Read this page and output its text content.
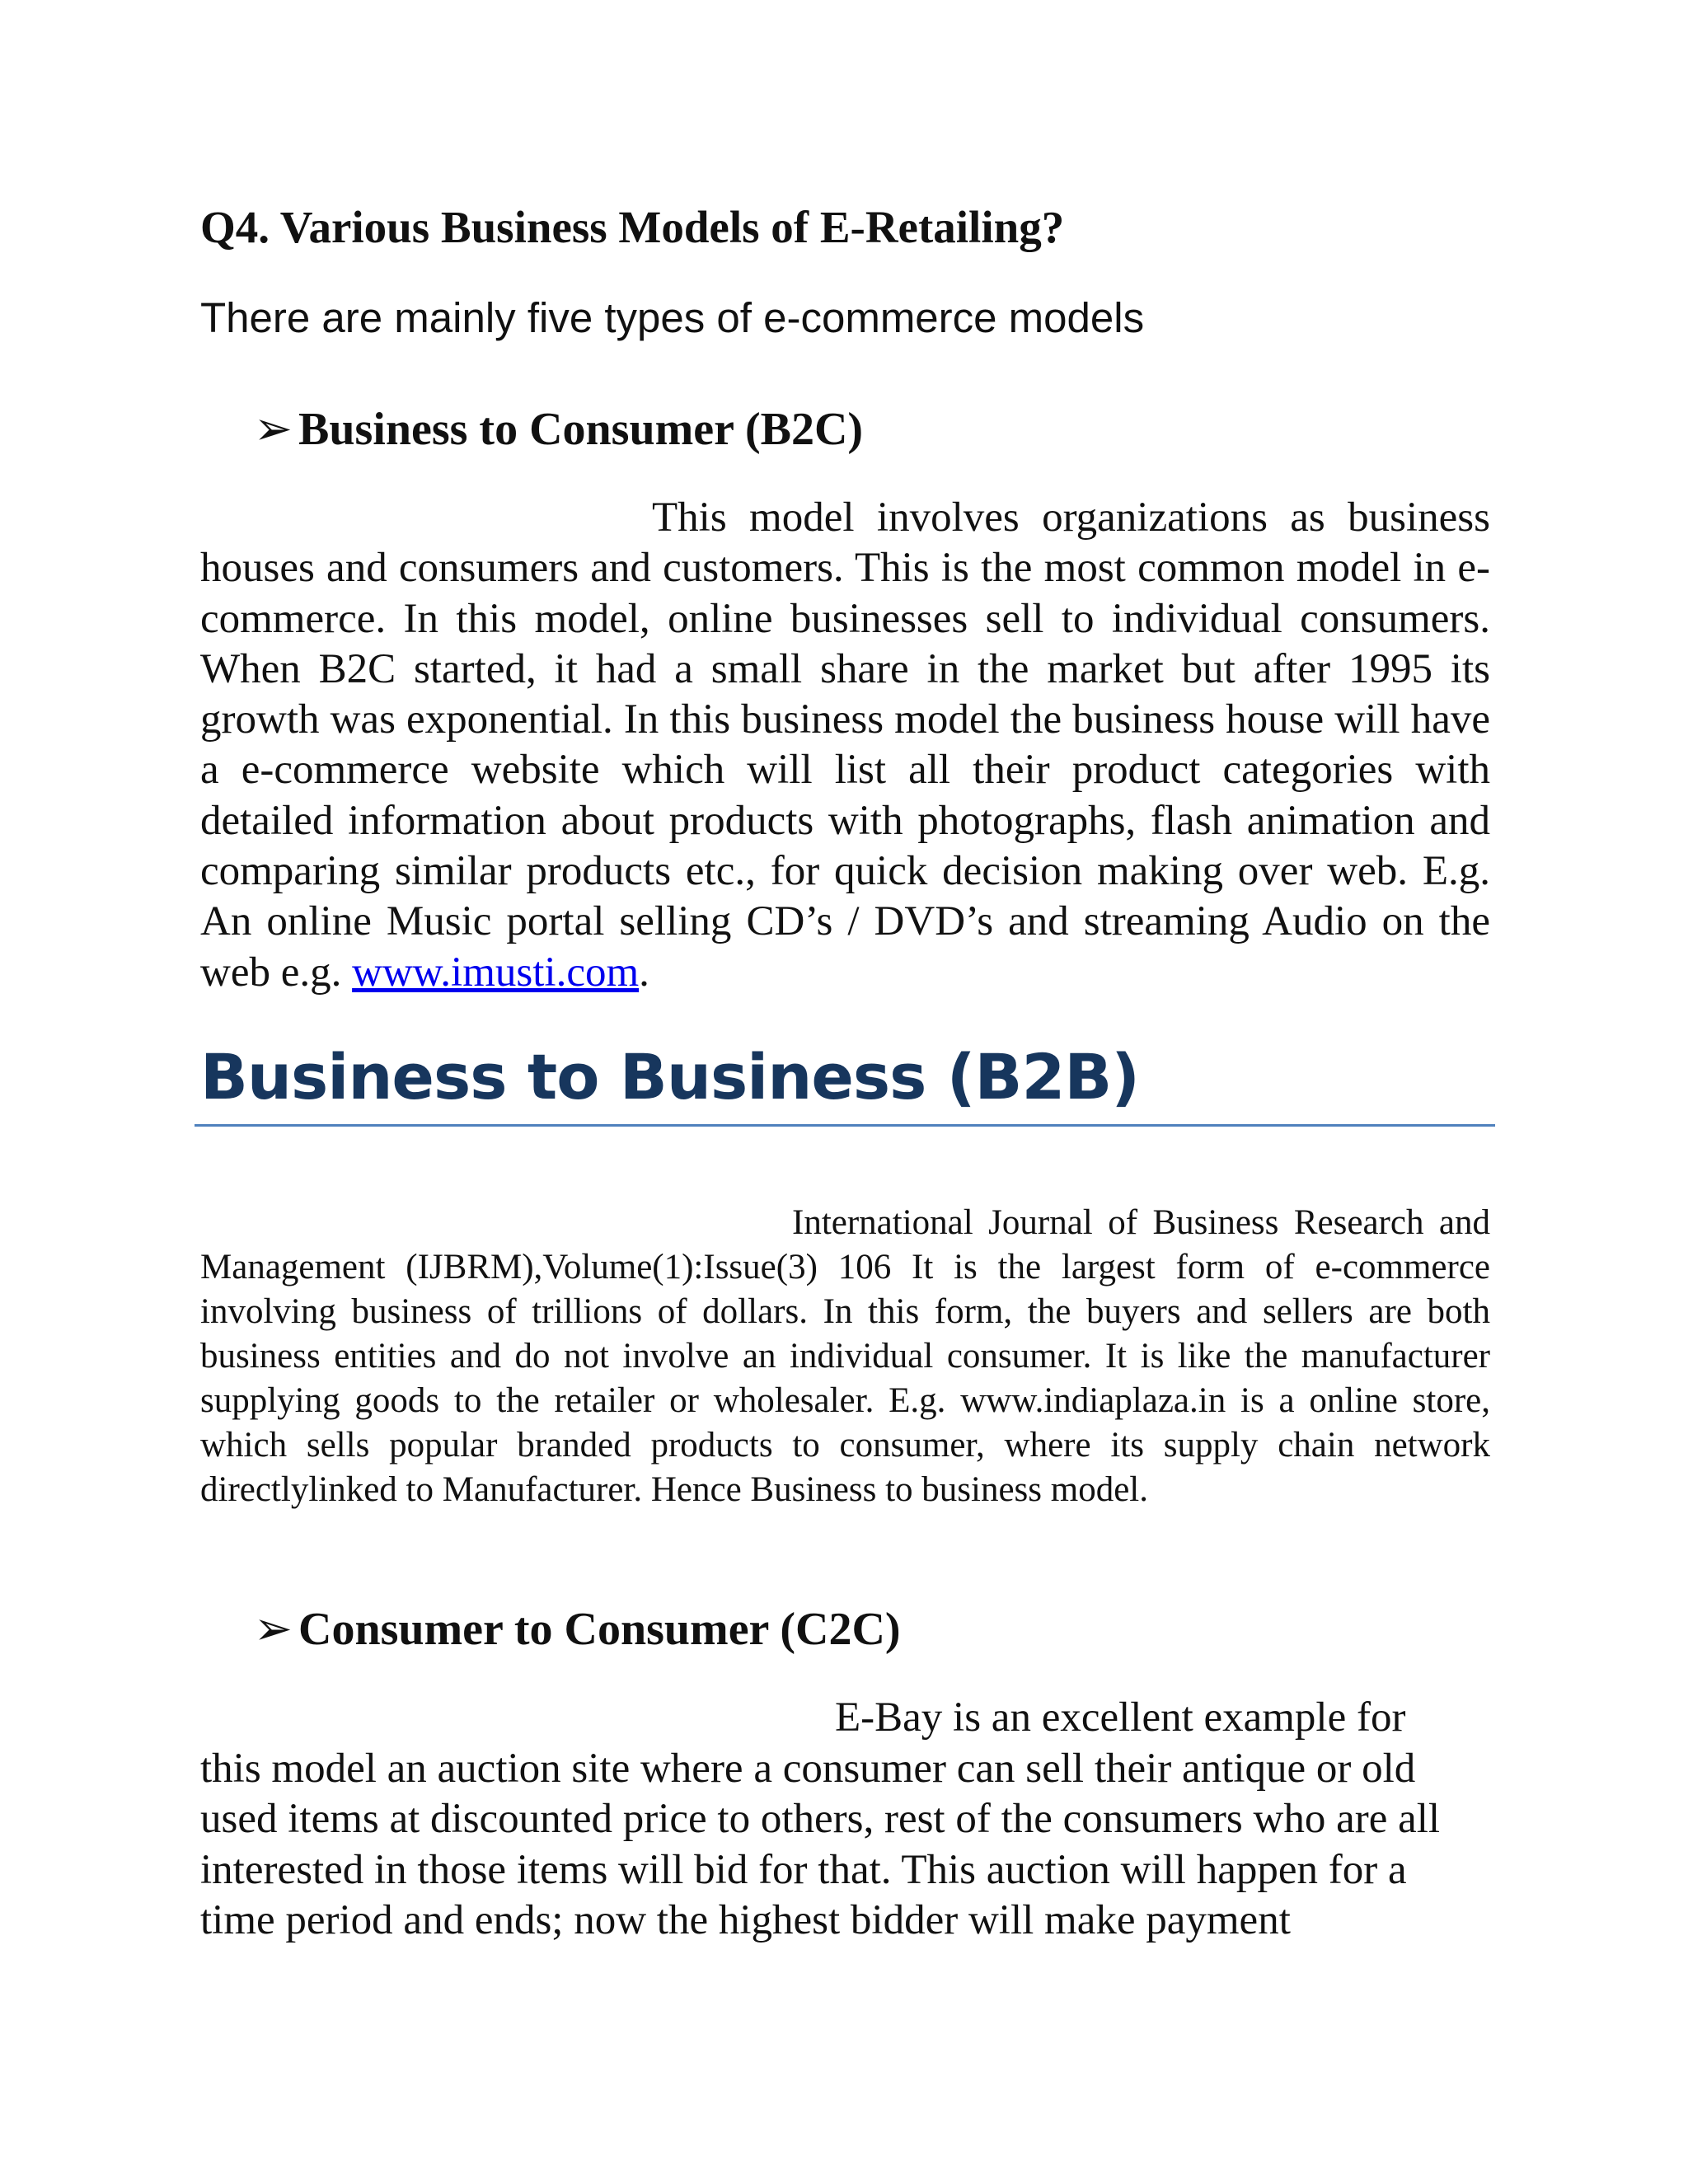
Q4. Various Business Models of E-Retailing?

There are mainly five types of e-commerce models

➢ Business to Consumer (B2C)

This model involves organizations as business houses and consumers and customers. This is the most common model in e-commerce. In this model, online businesses sell to individual consumers. When B2C started, it had a small share in the market but after 1995 its growth was exponential. In this business model the business house will have a e-commerce website which will list all their product categories with detailed information about products with photographs, flash animation and comparing similar products etc., for quick decision making over web. E.g. An online Music portal selling CD’s / DVD’s and streaming Audio on the web e.g. www.imusti.com.

Business to Business (B2B)

International Journal of Business Research and Management (IJBRM),Volume(1):Issue(3) 106 It is the largest form of e-commerce involving business of trillions of dollars. In this form, the buyers and sellers are both business entities and do not involve an individual consumer. It is like the manufacturer supplying goods to the retailer or wholesaler. E.g. www.indiaplaza.in is a online store, which sells popular branded products to consumer, where its supply chain network directlylinked to Manufacturer. Hence Business to business model.

➢ Consumer to Consumer (C2C)

E-Bay is an excellent example for this model an auction site where a consumer can sell their antique or old used items at discounted price to others, rest of the consumers who are all interested in those items will bid for that. This auction will happen for a time period and ends; now the highest bidder will make payment
